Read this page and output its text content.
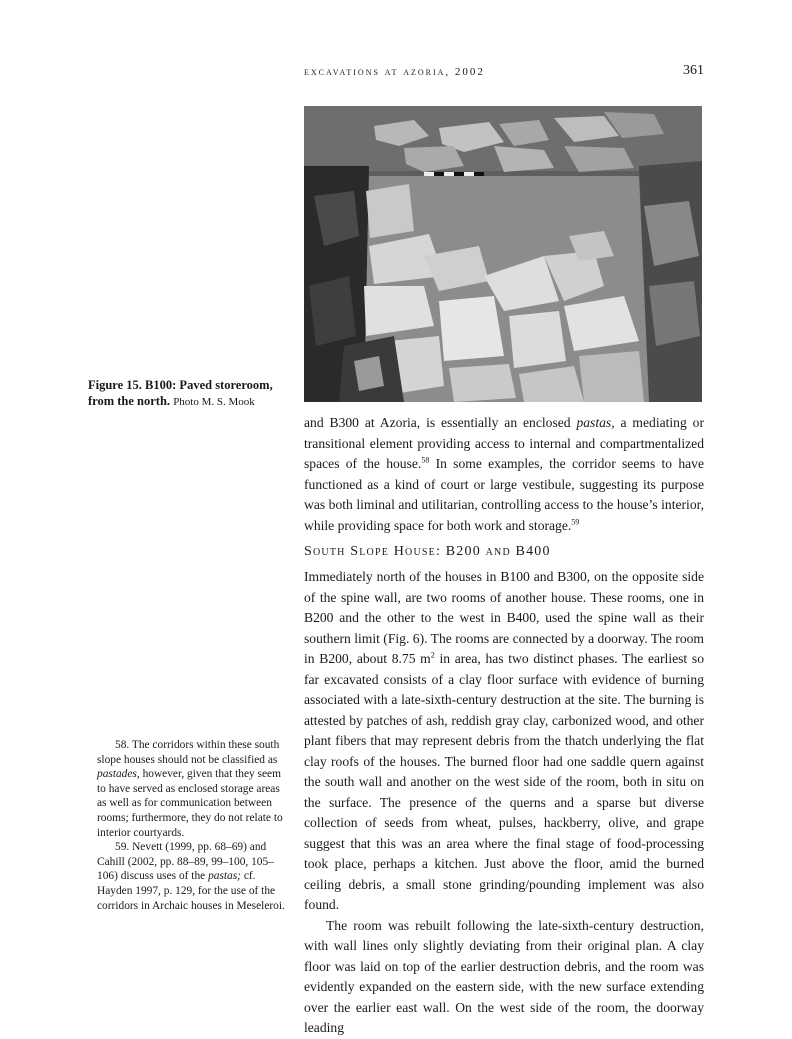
excavations at azoria, 2002	361
Figure 15. B100: Paved storeroom, from the north. Photo M. S. Mook

and B300 at Azoria, is essentially an enclosed pastas, a mediating or transitional element providing access to internal and compartmentalized spaces of the house.$^{58}$ In some examples, the corridor seems to have functioned as a kind of court or large vestibule, suggesting its purpose was both liminal and utilitarian, controlling access to the house’s interior, while providing space for both work and storage.$^{59}$

South Slope House: B200 and B400

Immediately north of the houses in B100 and B300, on the opposite side of the spine wall, are two rooms of another house. These rooms, one in B200 and the other to the west in B400, used the spine wall as their southern limit (Fig. 6). The rooms are connected by a doorway. The room in B200, about 8.75 $m^2$ in area, has two distinct phases. The earliest so far excavated consists of a clay floor surface with evidence of burning associated with a late-sixth-century destruction at the site. The burning is attested by patches of ash, reddish gray clay, carbonized wood, and other plant fibers that may represent debris from the thatch underlying the flat clay roofs of the houses. The burned floor had one saddle quern against the south wall and another on the west side of the room, both in situ on the surface. The presence of the querns and a sparse but diverse collection of seeds from wheat, pulses, hackberry, olive, and grape suggest that this was an area where the final stage of food-processing took place, perhaps a kitchen. Just above the floor, amid the burned ceiling debris, a small stone grinding/pounding implement was also found.

The room was rebuilt following the late-sixth-century destruction, with wall lines only slightly deviating from their original plan. A clay floor was laid on top of the earlier destruction debris, and the room was evidently expanded on the eastern side, with the new surface extending over the earlier east wall. On the west side of the room, the doorway leading

58. The corridors within these south slope houses should not be classified as pastades, however, given that they seem to have served as enclosed storage areas as well as for communication between rooms; furthermore, they do not relate to interior courtyards.

59. Nevett (1999, pp. 68–69) and Cahill (2002, pp. 88–89, 99–100, 105–106) discuss uses of the pastas; cf. Hayden 1997, p. 129, for the use of the corridors in Archaic houses in Meseleroi.
